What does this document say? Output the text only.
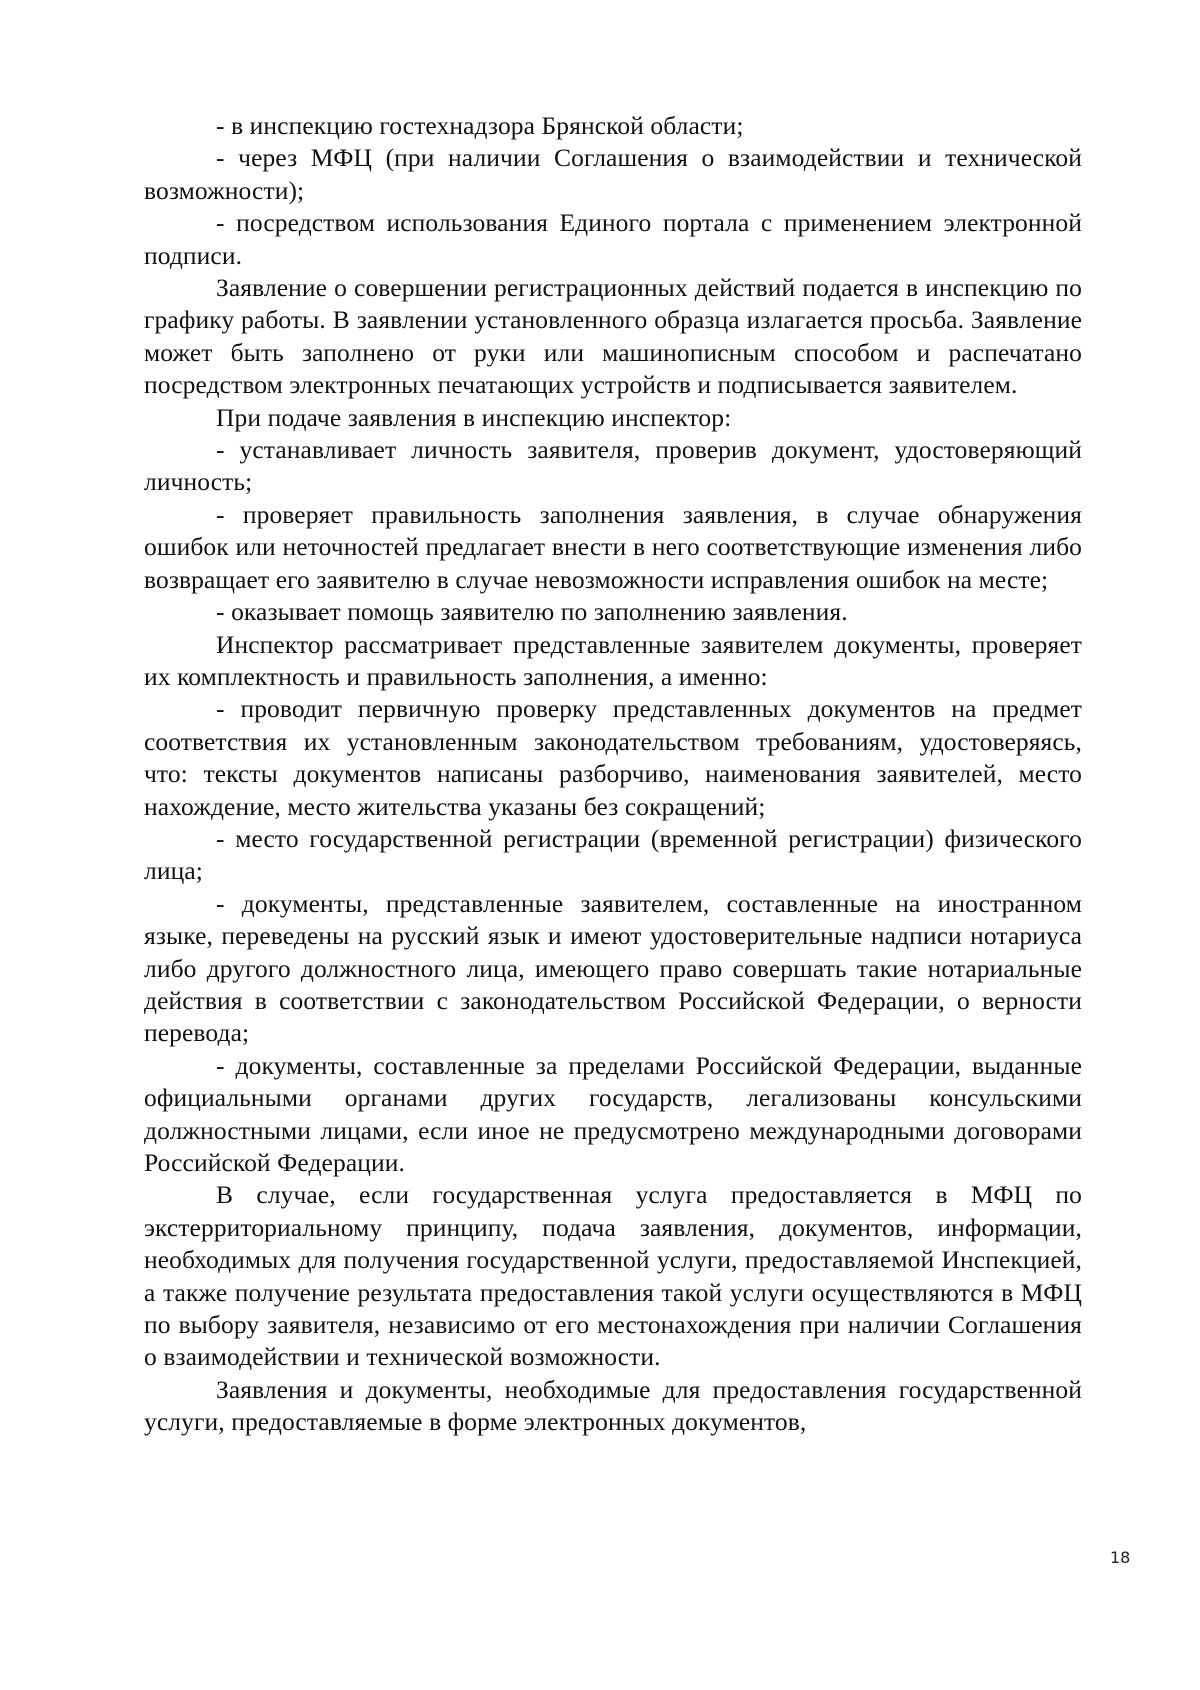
- в инспекцию гостехнадзора Брянской области;

- через МФЦ (при наличии Соглашения о взаимодействии и технической возможности);

- посредством использования Единого портала с применением электронной подписи.

Заявление о совершении регистрационных действий подается в инспекцию по графику работы. В заявлении установленного образца излагается просьба. Заявление может быть заполнено от руки или машинописным способом и распечатано посредством электронных печатающих устройств и подписывается заявителем.

При подаче заявления в инспекцию инспектор:

- устанавливает личность заявителя, проверив документ, удостоверяющий личность;

- проверяет правильность заполнения заявления, в случае обнаружения ошибок или неточностей предлагает внести в него соответствующие изменения либо возвращает его заявителю в случае невозможности исправления ошибок на месте;

- оказывает помощь заявителю по заполнению заявления.

Инспектор рассматривает представленные заявителем документы, проверяет их комплектность и правильность заполнения, а именно:

- проводит первичную проверку представленных документов на предмет соответствия их установленным законодательством требованиям, удостоверяясь, что: тексты документов написаны разборчиво, наименования заявителей, место нахождение, место жительства указаны без сокращений;

- место государственной регистрации (временной регистрации) физического лица;

- документы, представленные заявителем, составленные на иностранном языке, переведены на русский язык и имеют удостоверительные надписи нотариуса либо другого должностного лица, имеющего право совершать такие нотариальные действия в соответствии с законодательством Российской Федерации, о верности перевода;

- документы, составленные за пределами Российской Федерации, выданные официальными органами других государств, легализованы консульскими должностными лицами, если иное не предусмотрено международными договорами Российской Федерации.

В случае, если государственная услуга предоставляется в МФЦ по экстерриториальному принципу, подача заявления, документов, информации, необходимых для получения государственной услуги, предоставляемой Инспекцией, а также получение результата предоставления такой услуги осуществляются в МФЦ по выбору заявителя, независимо от его местонахождения при наличии Соглашения о взаимодействии и технической возможности.

Заявления и документы, необходимые для предоставления государственной услуги, предоставляемые в форме электронных документов,

18
